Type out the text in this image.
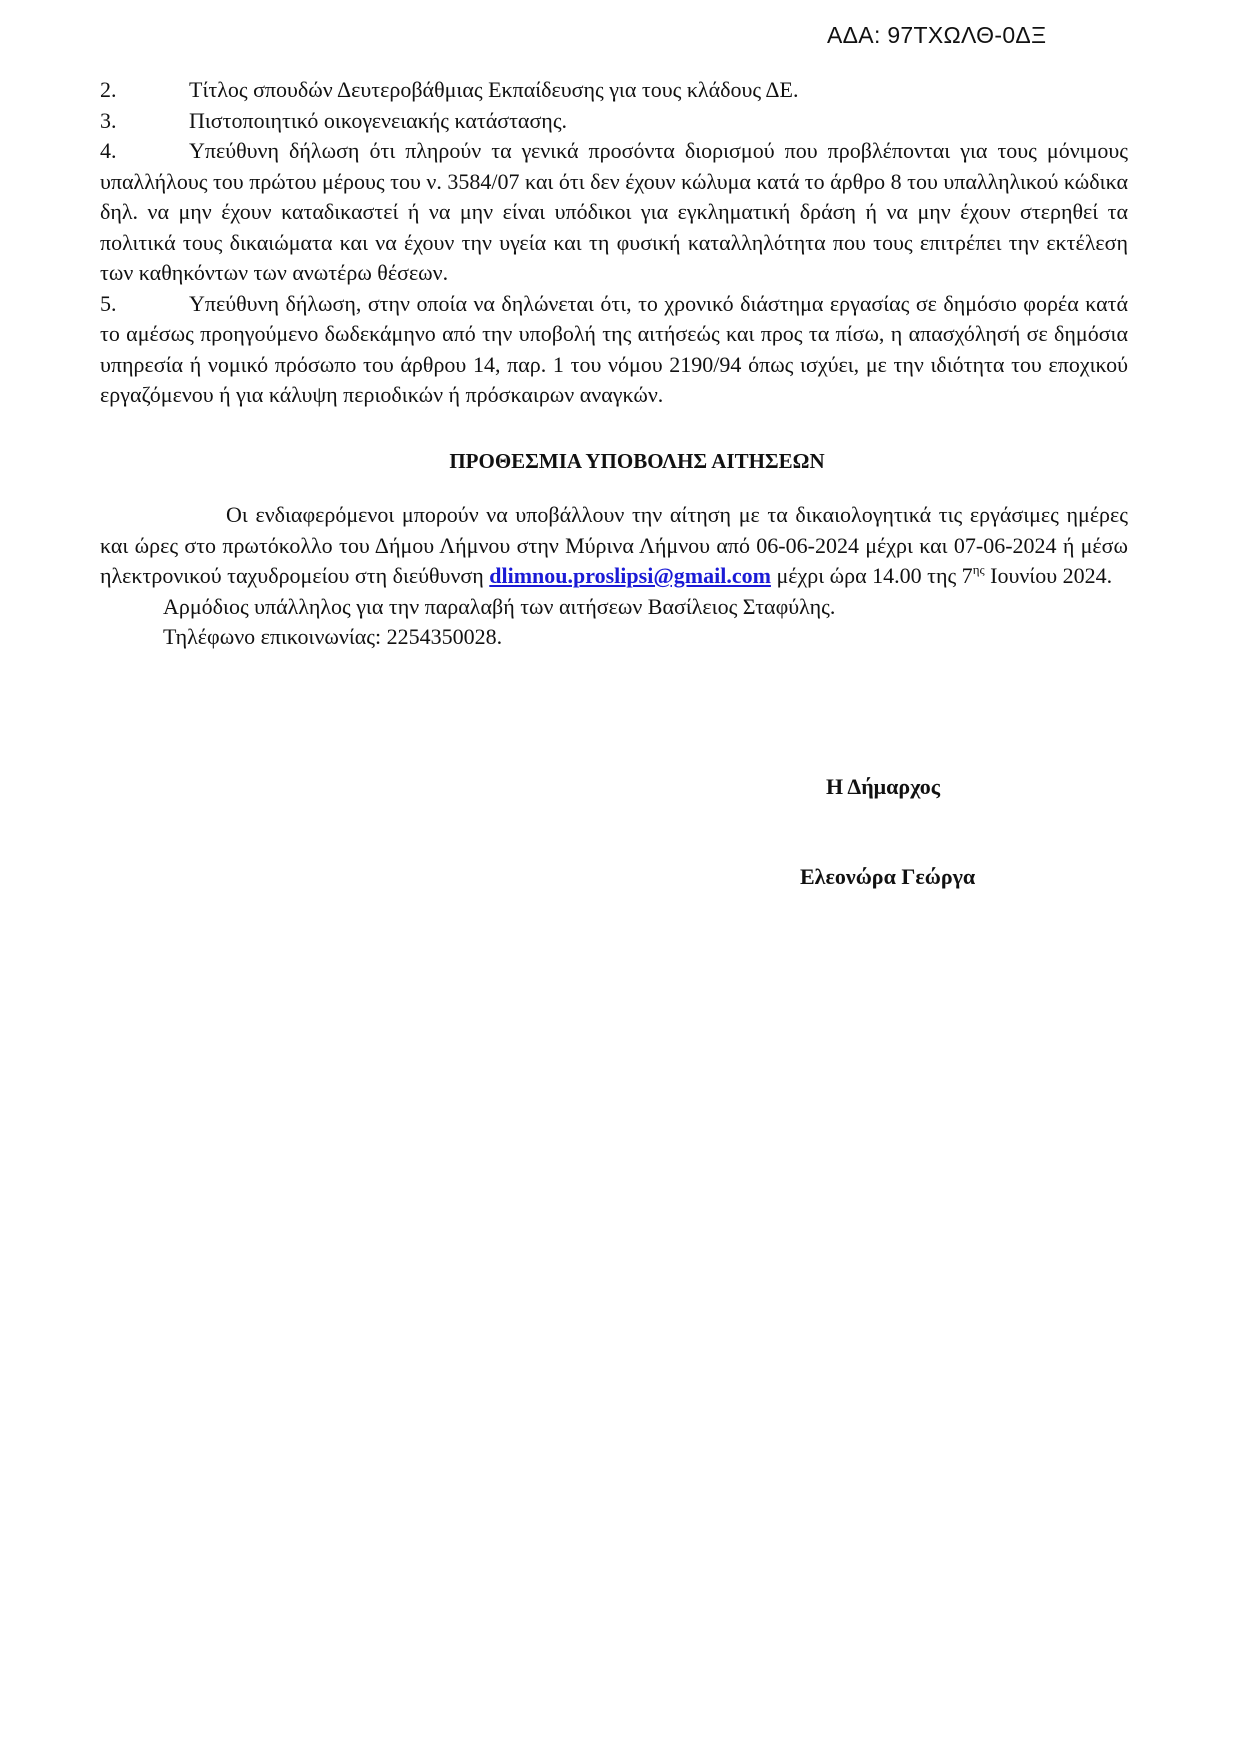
ΑΔΑ: 97ΤΧΩΛΘ-0ΔΞ

2.	Τίτλος σπουδών Δευτεροβάθμιας Εκπαίδευσης για τους κλάδους ΔΕ.

3.	Πιστοποιητικό οικογενειακής κατάστασης.

4.	Υπεύθυνη δήλωση ότι πληρούν τα γενικά προσόντα διορισμού που προβλέπονται για τους μόνιμους υπαλλήλους του πρώτου μέρους του ν. 3584/07 και ότι δεν έχουν κώλυμα κατά το άρθρο 8 του υπαλληλικού κώδικα δηλ. να μην έχουν καταδικαστεί ή να μην είναι υπόδικοι για εγκληματική δράση ή να μην έχουν στερηθεί τα πολιτικά τους δικαιώματα και να έχουν την υγεία και τη φυσική καταλληλότητα που τους επιτρέπει την εκτέλεση των καθηκόντων των ανωτέρω θέσεων.

5.	Υπεύθυνη δήλωση, στην οποία να δηλώνεται ότι, το χρονικό διάστημα εργασίας σε δημόσιο φορέα κατά το αμέσως προηγούμενο δωδεκάμηνο από την υποβολή της αιτήσεώς και προς τα πίσω, η απασχόλησή σε δημόσια υπηρεσία ή νομικό πρόσωπο του άρθρου 14, παρ. 1 του νόμου 2190/94 όπως ισχύει, με την ιδιότητα του εποχικού εργαζόμενου ή για κάλυψη περιοδικών ή πρόσκαιρων αναγκών.

ΠΡΟΘΕΣΜΙΑ ΥΠΟΒΟΛΗΣ ΑΙΤΗΣΕΩΝ

Οι ενδιαφερόμενοι μπορούν να υποβάλλουν την αίτηση με τα δικαιολογητικά τις εργάσιμες ημέρες και ώρες στο πρωτόκολλο του Δήμου Λήμνου στην Μύρινα Λήμνου από 06-06-2024 μέχρι και 07-06-2024 ή μέσω ηλεκτρονικού ταχυδρομείου στη διεύθυνση dlimnou.proslipsi@gmail.com μέχρι ώρα 14.00 της $7^{\eta\varsigma}$ Ιουνίου 2024.

Αρμόδιος υπάλληλος για την παραλαβή των αιτήσεων Βασίλειος Σταφύλης.

Τηλέφωνο επικοινωνίας: 2254350028.

Η Δήμαρχος
Ελεονώρα Γεώργα
